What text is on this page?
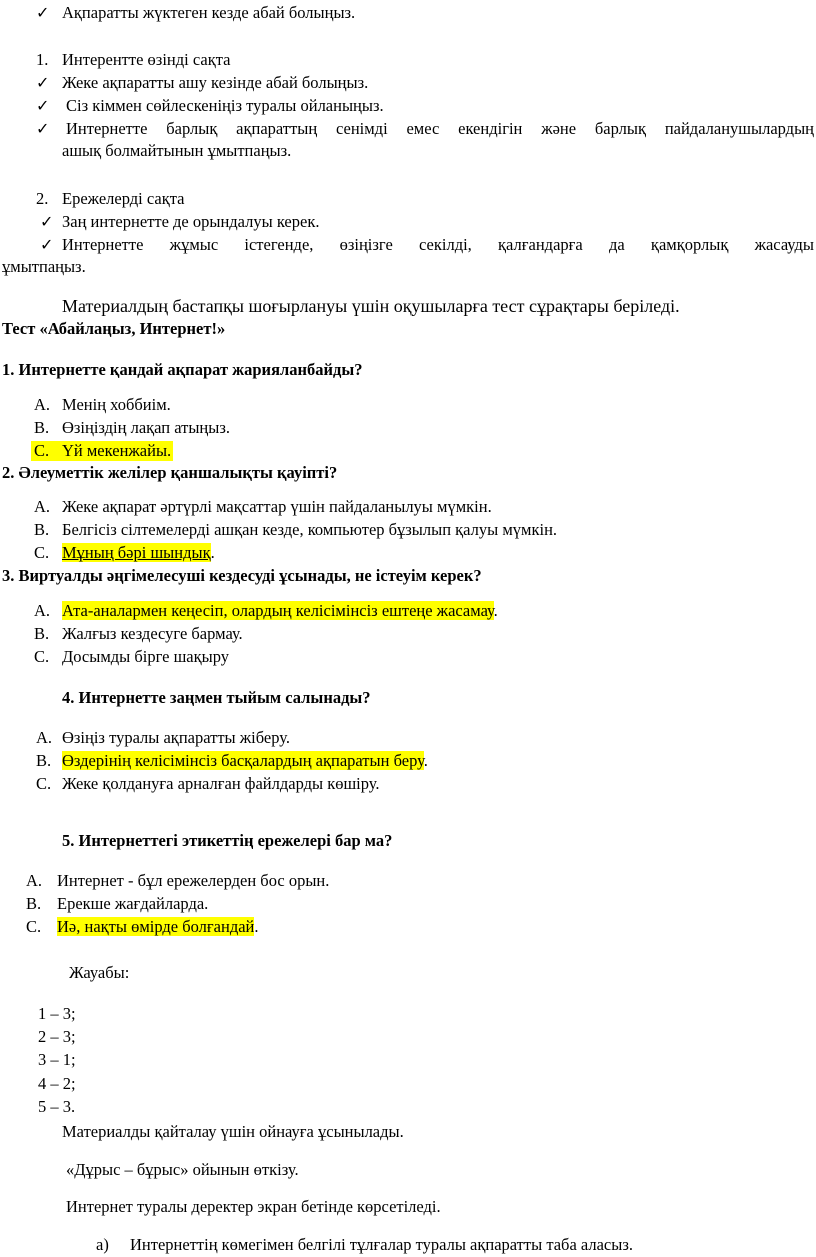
✓ Ақпаратты жүктеген кезде абай болыңыз.
1. Интерентте өзінді сақта
✓ Жеке ақпаратты ашу кезінде абай болыңыз.
✓ Сіз кіммен сөйлескеніңіз туралы ойланыңыз.
✓ Интернетте барлық ақпараттың сенімді емес екендігін және барлық пайдаланушылардың
ашық болмайтынын ұмытпаңыз.
2. Ережелерді сақта
✓ Заң интернетте де орындалуы керек.
✓ Интернетте жұмыс істегенде, өзіңізге секілді, қалғандарға да қамқорлық жасауды
ұмытпаңыз.
Материалдың бастапқы шоғырлануы үшін оқушыларға тест сұрақтары беріледі.
Тест «Абайлаңыз, Интернет!»
1. Интернетте қандай ақпарат жарияланбайды?
A. Менің хоббиім.
B. Өзіңіздің лақап атыңыз.
C. Үй мекенжайы.
2. Әлеуметтік желілер қаншалықты қауіпті?
A. Жеке ақпарат әртүрлі мақсаттар үшін пайдаланылуы мүмкін.
B. Белгісіз сілтемелерді ашқан кезде, компьютер бұзылып қалуы мүмкін.
C. Мұның бәрі шындық.
3. Виртуалды әңгімелесуші кездесуді ұсынады, не істеуім керек?
A. Ата-аналармен кеңесіп, олардың келісімінсіз ештеңе жасамау.
B. Жалғыз кездесуге бармау.
C. Досымды бірге шақыру
4. Интернетте заңмен тыйым салынады?
A. Өзіңіз туралы ақпаратты жіберу.
B. Өздерінің келісімінсіз басқалардың ақпаратын беру.
C. Жеке қолдануға арналған файлдарды көшіру.
5. Интернеттегі этикеттің ережелері бар ма?
A. Интернет - бұл ережелерден бос орын.
B. Ерекше жағдайларда.
C. Иә, нақты өмірде болғандай.
Жауабы:
1 – 3;
2 – 3;
3 – 1;
4 – 2;
5 – 3.
Материалды қайталау үшін ойнауға ұсынылады.
«Дұрыс – бұрыс» ойынын өткізу.
Интернет туралы деректер экран бетінде көрсетіледі.
а) Интернеттің көмегімен белгілі тұлғалар туралы ақпаратты таба аласыз.
